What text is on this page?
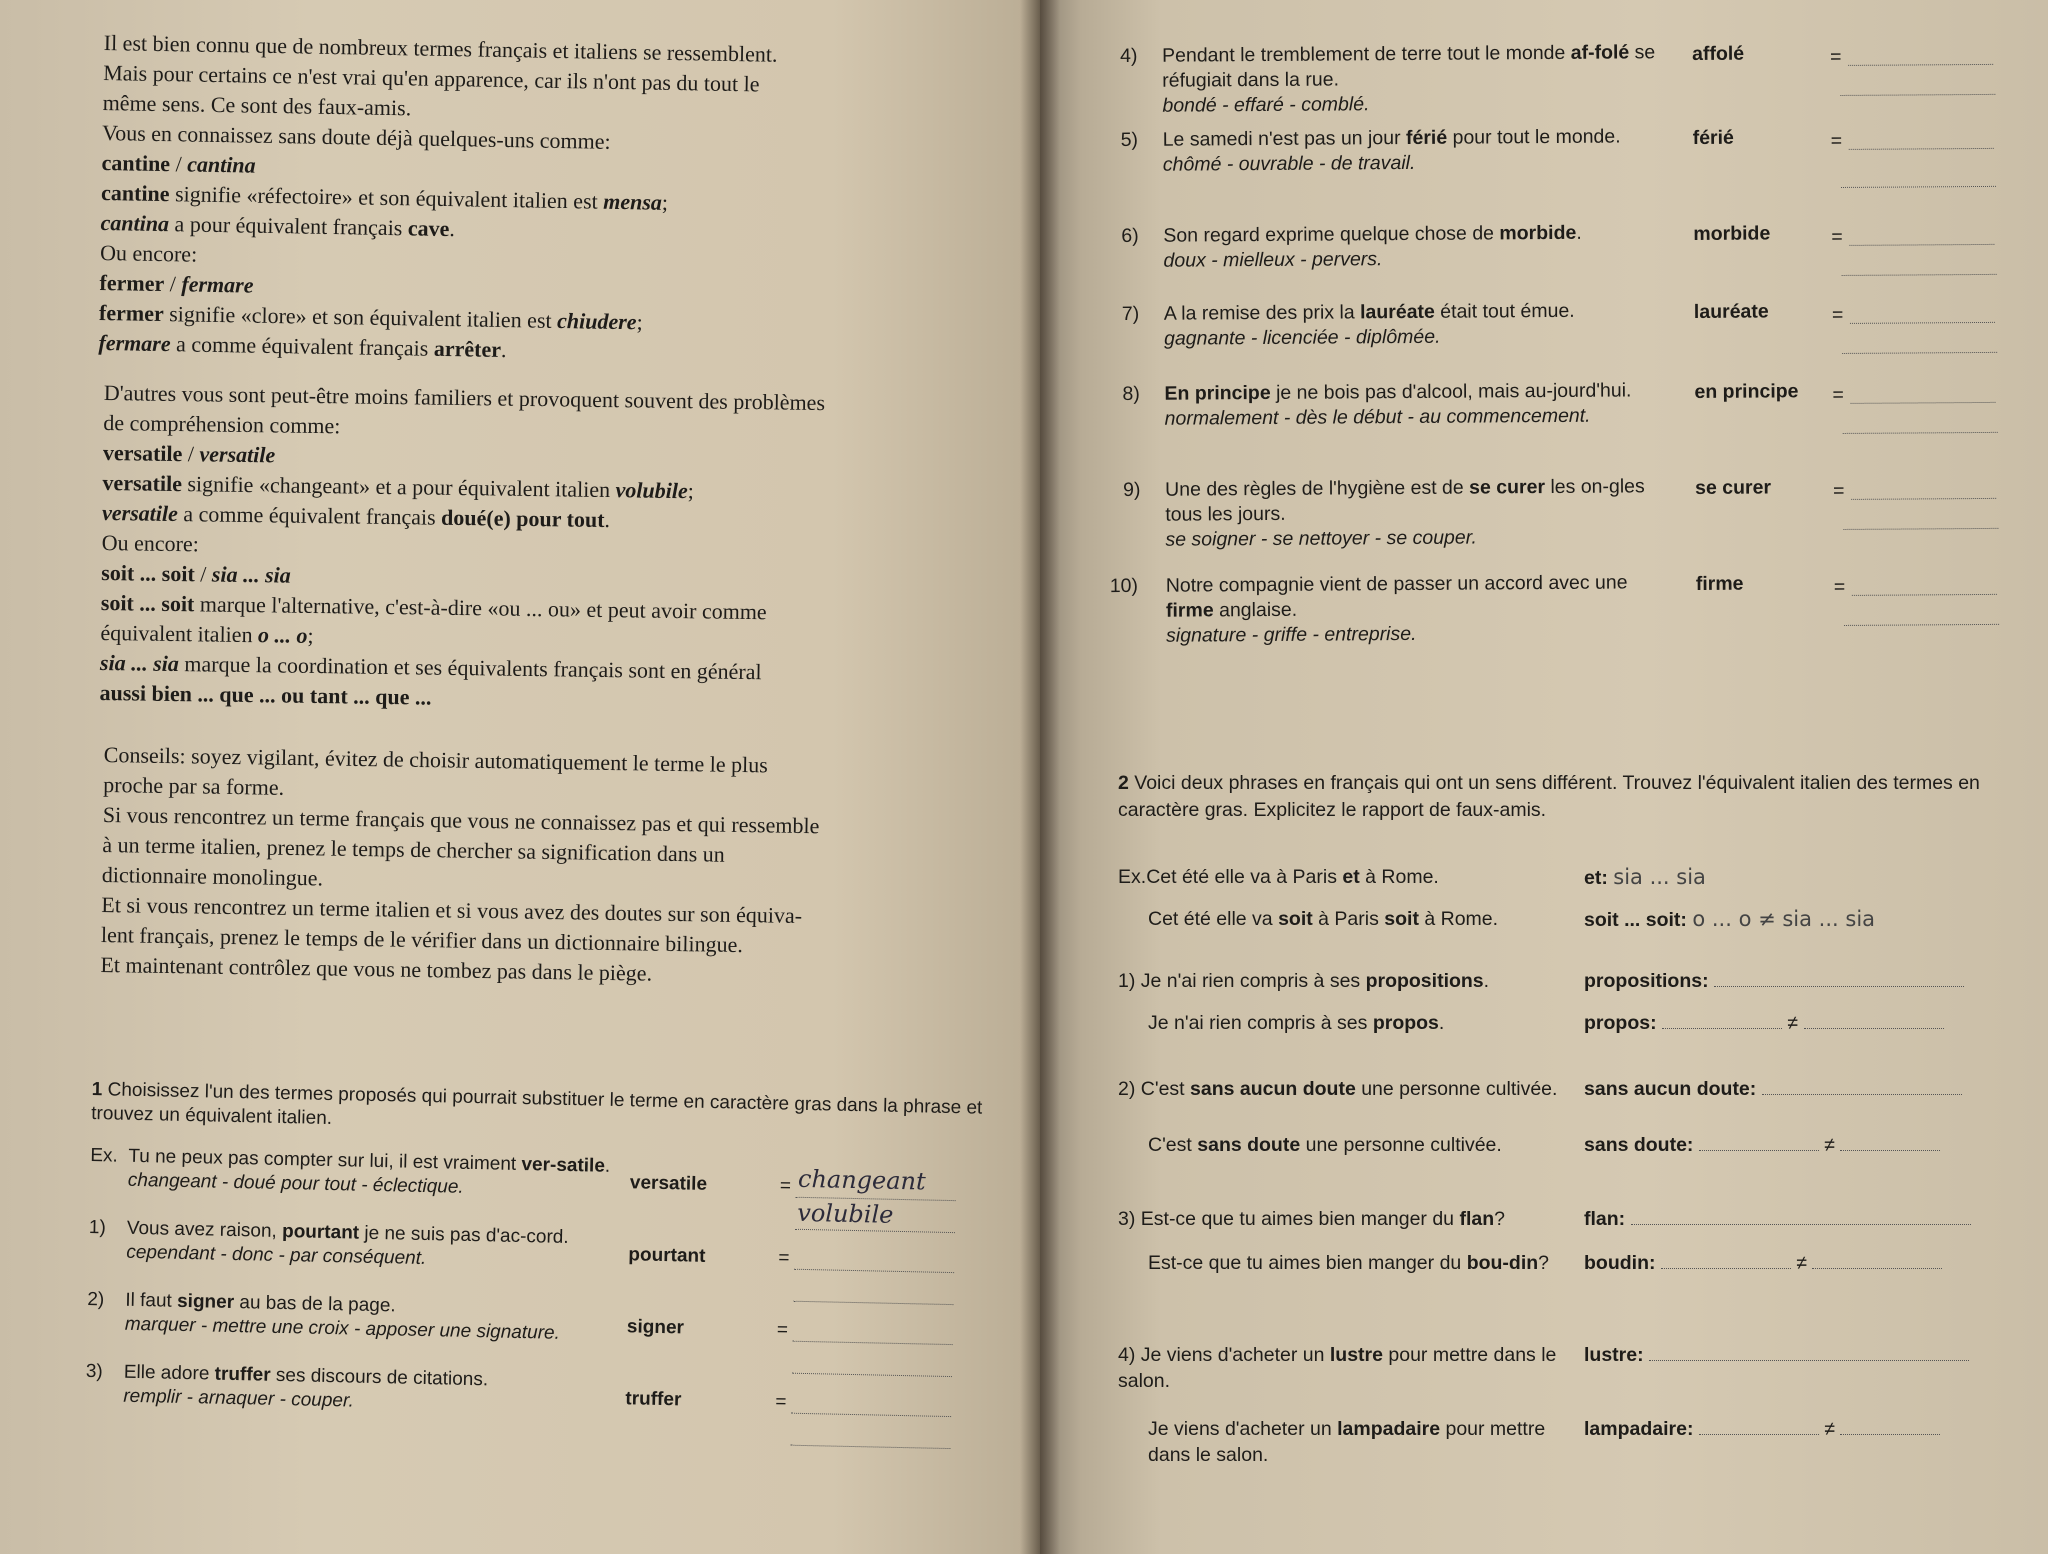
Il est bien connu que de nombreux termes français et italiens se ressemblent.

Mais pour certains ce n'est vrai qu'en apparence, car ils n'ont pas du tout le

même sens. Ce sont des faux-amis.

Vous en connaissez sans doute déjà quelques-uns comme:

cantine / cantina

cantine signifie «réfectoire» et son équivalent italien est mensa;

cantina a pour équivalent français cave.

Ou encore:

fermer / fermare

fermer signifie «clore» et son équivalent italien est chiudere;

fermare a comme équivalent français arrêter.

D'autres vous sont peut-être moins familiers et provoquent souvent des problèmes

de compréhension comme:

versatile / versatile

versatile signifie «changeant» et a pour équivalent italien volubile;

versatile a comme équivalent français doué(e) pour tout.

Ou encore:

soit ... soit / sia ... sia

soit ... soit marque l'alternative, c'est-à-dire «ou ... ou» et peut avoir comme

équivalent italien o ... o;

sia ... sia marque la coordination et ses équivalents français sont en général

aussi bien ... que ... ou tant ... que ...

Conseils: soyez vigilant, évitez de choisir automatiquement le terme le plus

proche par sa forme.

Si vous rencontrez un terme français que vous ne connaissez pas et qui ressemble

à un terme italien, prenez le temps de chercher sa signification dans un

dictionnaire monolingue.

Et si vous rencontrez un terme italien et si vous avez des doutes sur son équiva-

lent français, prenez le temps de le vérifier dans un dictionnaire bilingue.

Et maintenant contrôlez que vous ne tombez pas dans le piège.

1 Choisissez l'un des termes proposés qui pourrait substituer le terme en caractère gras dans la phrase et trouvez un équivalent italien.

Ex. Tu ne peux pas compter sur lui, il est vraiment ver-satile.
changeant - doué pour tout - éclectique.	versatile	= changeant
volubile
1)	Vous avez raison, pourtant je ne suis pas d'ac-cord.
cependant - donc - par conséquent.	pourtant	=
2)	Il faut signer au bas de la page.
marquer - mettre une croix - apposer une signature.	signer	=
3)	Elle adore truffer ses discours de citations.
remplir - arnaquer - couper.	truffer	=
4)	Pendant le tremblement de terre tout le monde af-folé se réfugiait dans la rue.
bondé - effaré - comblé.
affolé	=
5)	Le samedi n'est pas un jour férié pour tout le monde.
chômé - ouvrable - de travail.
férié	=
6)	Son regard exprime quelque chose de morbide.
doux - mielleux - pervers.
morbide	=
7)	A la remise des prix la lauréate était tout émue.
gagnante - licenciée - diplômée.
lauréate	=
8)	En principe je ne bois pas d'alcool, mais au-jourd'hui.
normalement - dès le début - au commencement.
en principe =
9)	Une des règles de l'hygiène est de se curer les on-gles tous les jours.
se soigner - se nettoyer - se couper.
se curer	=
10)	Notre compagnie vient de passer un accord avec une firme anglaise.
signature - griffe - entreprise.
firme	=

2 Voici deux phrases en français qui ont un sens différent. Trouvez l'équivalent italien des termes en caractère gras. Explicitez le rapport de faux-amis.

Ex.Cet été elle va à Paris et à Rome.	et: sia ... sia
Cet été elle va soit à Paris soit à Rome.	soit ... soit: o ... o ≠ sia ... sia
1) Je n'ai rien compris à ses propositions.	propositions:
Je n'ai rien compris à ses propos.	propos:	≠
2) C'est sans aucun doute une personne cultivée. sans aucun doute:
C'est sans doute une personne cultivée.	sans doute:	≠
3) Est-ce que tu aimes bien manger du flan?	flan:
Est-ce que tu aimes bien manger du bou-din?	boudin:	≠
4) Je viens d'acheter un lustre pour mettre dans le salon.
lustre:
Je viens d'acheter un lampadaire pour mettre dans le salon.
lampadaire:	≠
